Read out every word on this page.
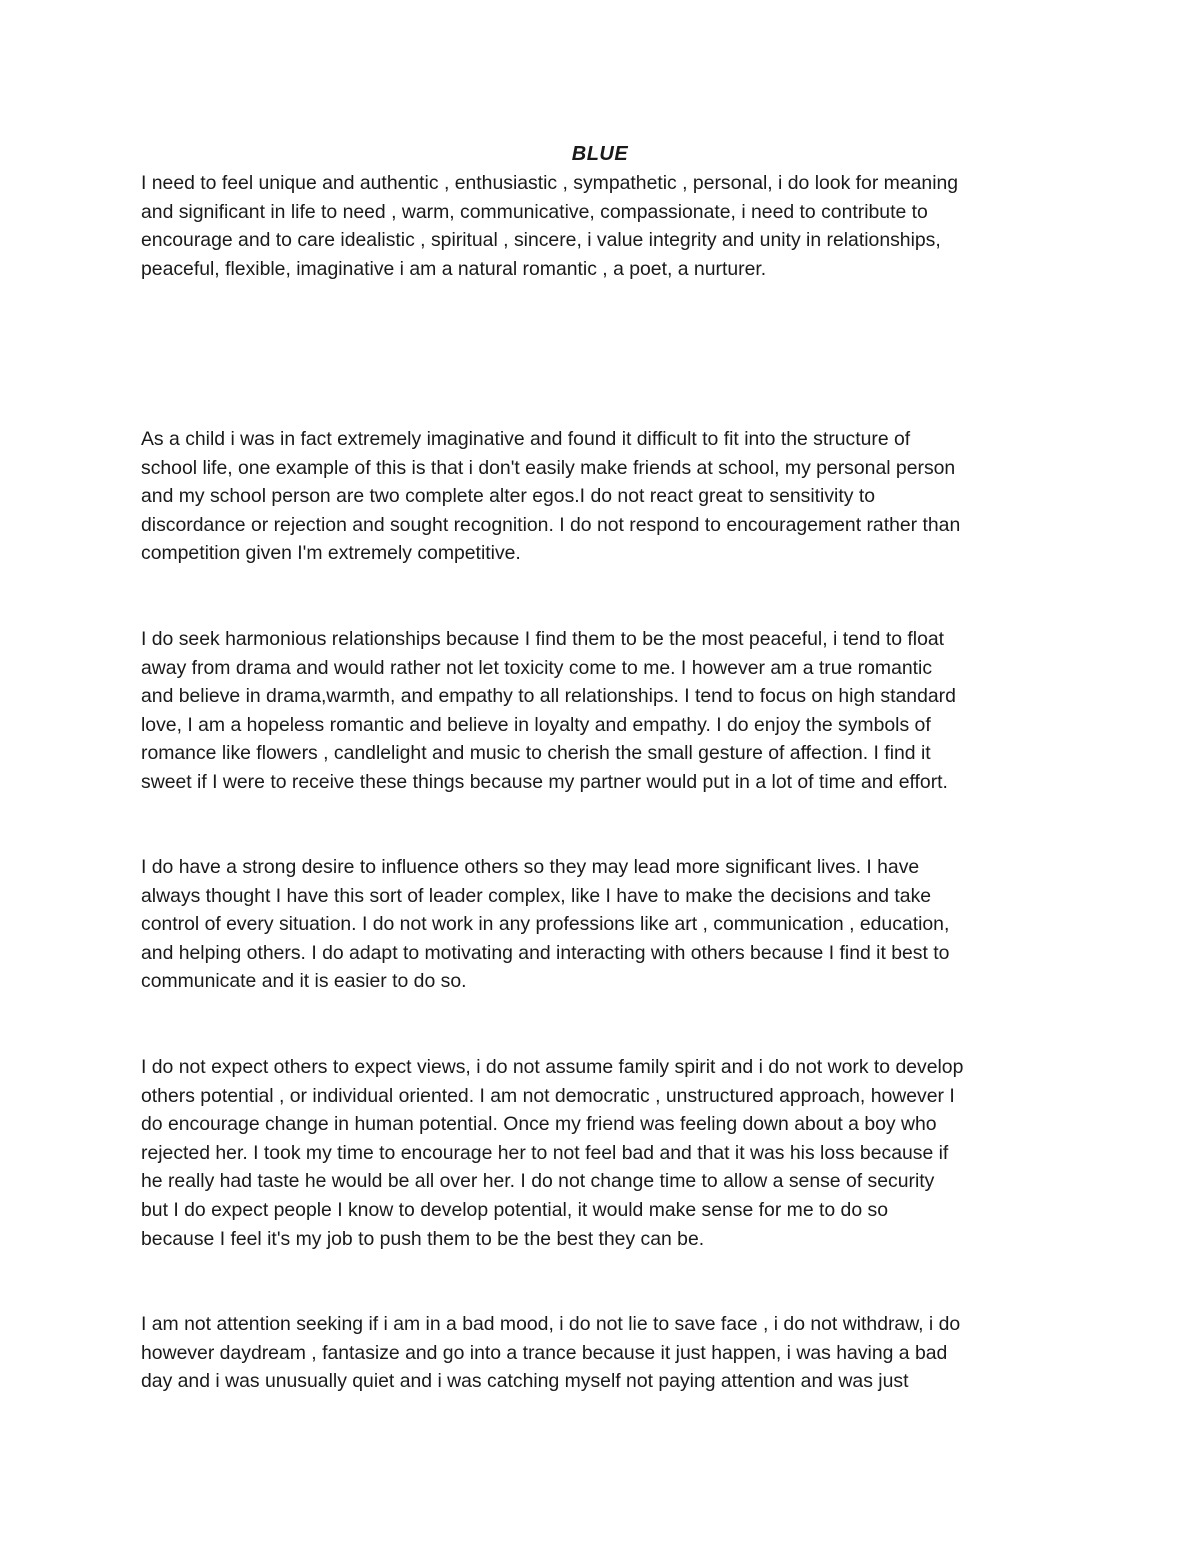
BLUE

I need to feel unique and authentic , enthusiastic , sympathetic , personal, i do look for meaning
and significant in life to need , warm, communicative, compassionate, i need to contribute to
encourage and to care idealistic , spiritual , sincere, i value integrity and unity in relationships,
peaceful, flexible, imaginative i am a natural romantic , a poet, a nurturer.

As a child i was in fact extremely imaginative and found it difficult to fit into the structure of
school life, one example of this is that i don't easily make friends at school, my personal person
and my school person are two complete alter egos.I do not react great to sensitivity to
discordance or rejection and sought recognition. I do not respond to encouragement rather than
competition given I'm extremely competitive.

I do seek harmonious relationships because I find them to be the most peaceful, i tend to float
away from drama and would rather not let toxicity come to me. I however am a true romantic
and believe in drama,warmth, and empathy to all relationships. I tend to focus on high standard
love, I am a hopeless romantic and believe in loyalty and empathy. I do enjoy the symbols of
romance like flowers , candlelight and music to cherish the small gesture of affection. I find it
sweet if I were to receive these things because my partner would put in a lot of time and effort.

I do have a strong desire to influence others so they may lead more significant lives. I have
always thought I have this sort of leader complex, like I have to make the decisions and take
control of every situation. I do not work in any professions like art , communication , education,
and helping others. I do adapt to motivating and interacting with others because I find it best to
communicate and it is easier to do so.

I do not expect others to expect views, i do not assume family spirit and i do not work to develop
others potential , or individual oriented. I am not democratic , unstructured approach, however I
do encourage change in human potential. Once my friend was feeling down about a boy who
rejected her. I took my time to encourage her to not feel bad and that it was his loss because if
he really had taste he would be all over her. I do not change time to allow a sense of security
but I do expect people I know to develop potential, it would make sense for me to do so
because I feel it's my job to push them to be the best they can be.

I am not attention seeking if i am in a bad mood, i do not lie to save face , i do not withdraw, i do
however daydream , fantasize and go into a trance because it just happen, i was having a bad
day and i was unusually quiet and i was catching myself not paying attention and was just
